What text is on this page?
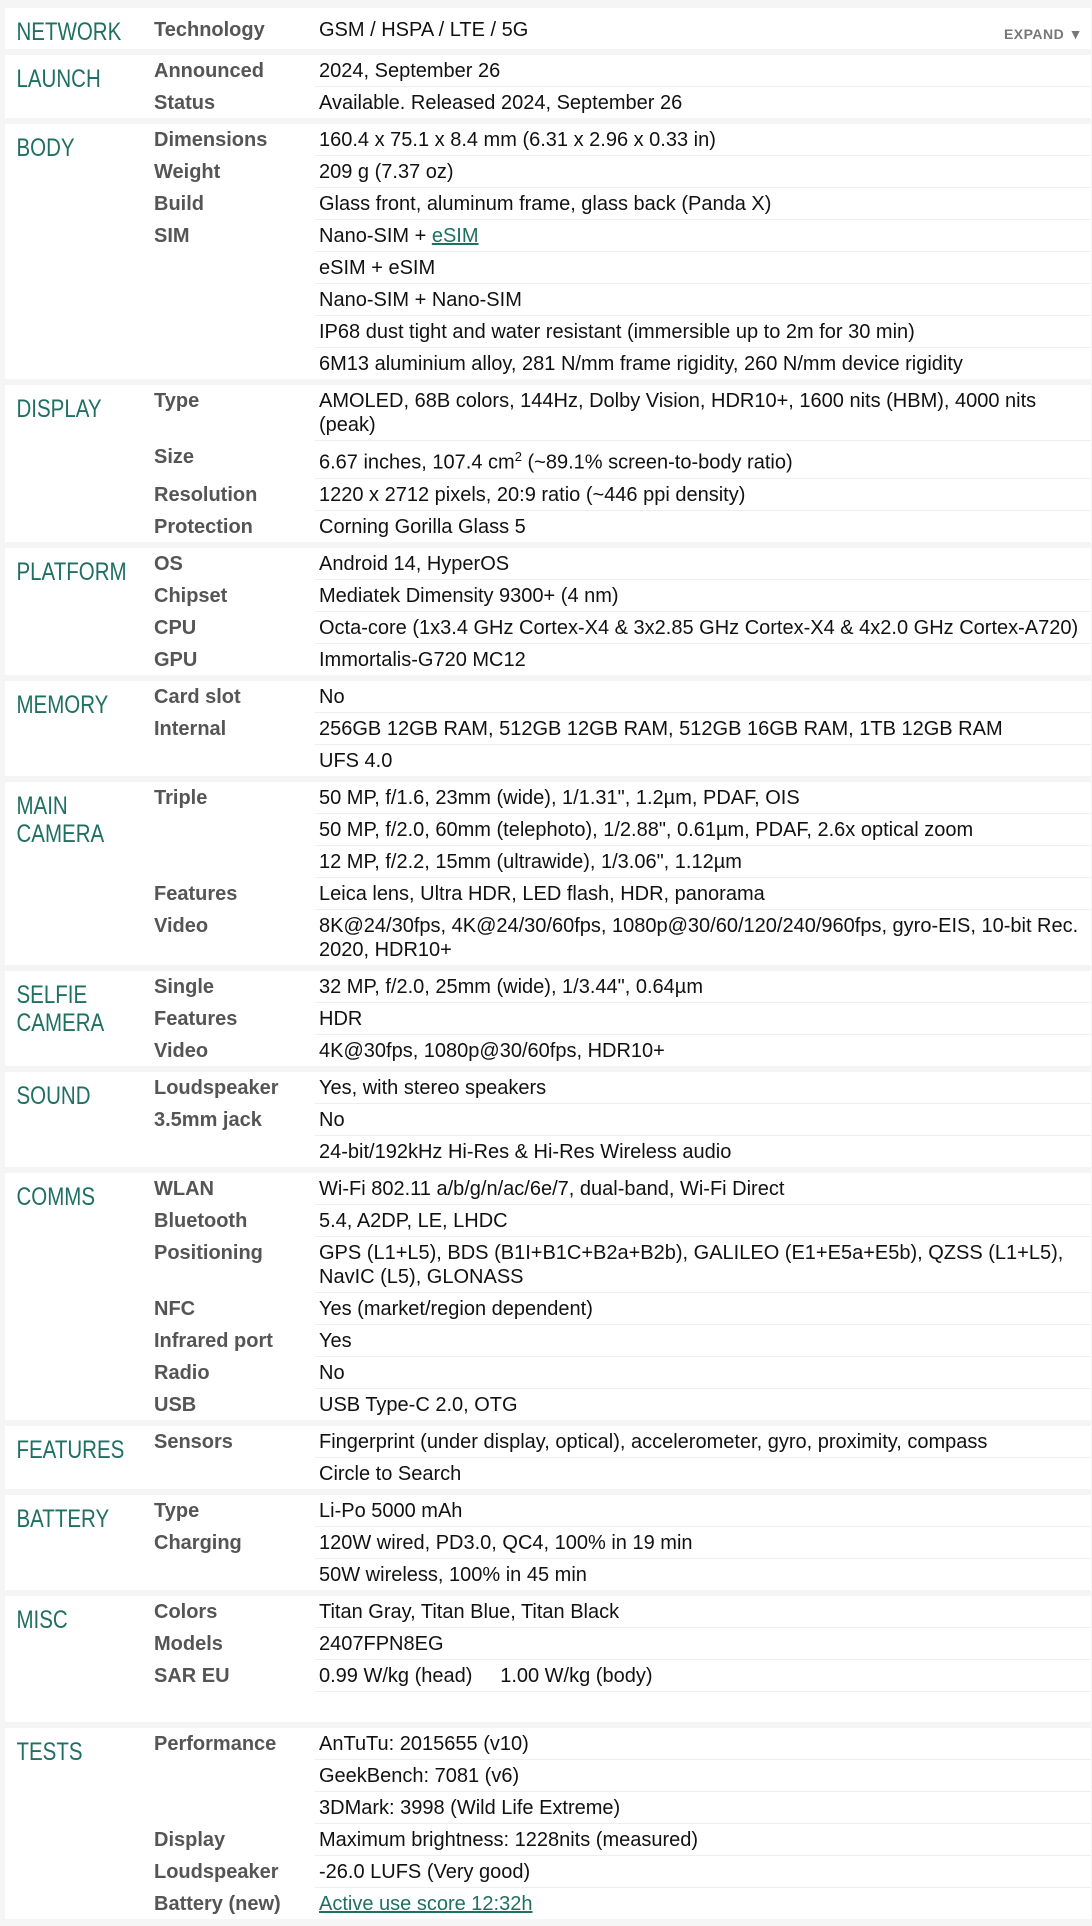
NETWORK Technology	GSM / HSPA / LTE / 5G	EXPAND ▼
LAUNCH	Announced	2024, September 26
Status	Available. Released 2024, September 26
BODY	Dimensions	160.4 x 75.1 x 8.4 mm (6.31 x 2.96 x 0.33 in)
Weight	209 g (7.37 oz)
Build	Glass front, aluminum frame, glass back (Panda X)
SIM	Nano-SIM + eSIM
eSIM + eSIM
Nano-SIM + Nano-SIM
IP68 dust tight and water resistant (immersible up to 2m for 30 min)
6M13 aluminium alloy, 281 N/mm frame rigidity, 260 N/mm device rigidity
DISPLAY	Type	AMOLED, 68B colors, 144Hz, Dolby Vision, HDR10+, 1600 nits (HBM), 4000 nits (peak)
Size	6.67 inches, 107.4 $cm^2$ (~89.1% screen-to-body ratio)
Resolution	1220 x 2712 pixels, 20:9 ratio (~446 ppi density)
Protection	Corning Gorilla Glass 5
PLATFORM OS	Android 14, HyperOS
Chipset	Mediatek Dimensity 9300+ (4 nm)
CPU	Octa-core (1x3.4 GHz Cortex-X4 & 3x2.85 GHz Cortex-X4 & 4x2.0 GHz Cortex-A720)
GPU	Immortalis-G720 MC12
MEMORY	Card slot	No
Internal	256GB 12GB RAM, 512GB 12GB RAM, 512GB 16GB RAM, 1TB 12GB RAM
UFS 4.0
MAIN
CAMERA
Triple	50 MP, f/1.6, 23mm (wide), 1/1.31", 1.2µm, PDAF, OIS
50 MP, f/2.0, 60mm (telephoto), 1/2.88", 0.61µm, PDAF, 2.6x optical zoom
12 MP, f/2.2, 15mm (ultrawide), 1/3.06", 1.12µm
Features	Leica lens, Ultra HDR, LED flash, HDR, panorama
Video	8K@24/30fps, 4K@24/30/60fps, 1080p@30/60/120/240/960fps, gyro-EIS, 10-bit Rec. 2020, HDR10+
SELFIE
CAMERA
Single	32 MP, f/2.0, 25mm (wide), 1/3.44", 0.64µm
Features	HDR
Video	4K@30fps, 1080p@30/60fps, HDR10+
SOUND	Loudspeaker	Yes, with stereo speakers
3.5mm jack	No
24-bit/192kHz Hi-Res & Hi-Res Wireless audio
COMMS	WLAN	Wi-Fi 802.11 a/b/g/n/ac/6e/7, dual-band, Wi-Fi Direct
Bluetooth	5.4, A2DP, LE, LHDC
Positioning	GPS (L1+L5), BDS (B1I+B1C+B2a+B2b), GALILEO (E1+E5a+E5b), QZSS (L1+L5), NavIC (L5), GLONASS
NFC	Yes (market/region dependent)
Infrared port	Yes
Radio	No
USB	USB Type-C 2.0, OTG
FEATURES Sensors	Fingerprint (under display, optical), accelerometer, gyro, proximity, compass
Circle to Search
BATTERY	Type	Li-Po 5000 mAh
Charging	120W wired, PD3.0, QC4, 100% in 19 min
50W wireless, 100% in 45 min
MISC	Colors	Titan Gray, Titan Blue, Titan Black
Models	2407FPN8EG
SAR EU	0.99 W/kg (head)     1.00 W/kg (body)
TESTS	Performance	AnTuTu: 2015655 (v10)
GeekBench: 7081 (v6)
3DMark: 3998 (Wild Life Extreme)
Display	Maximum brightness: 1228nits (measured)
Loudspeaker	-26.0 LUFS (Very good)
Battery (new)	Active use score 12:32h
